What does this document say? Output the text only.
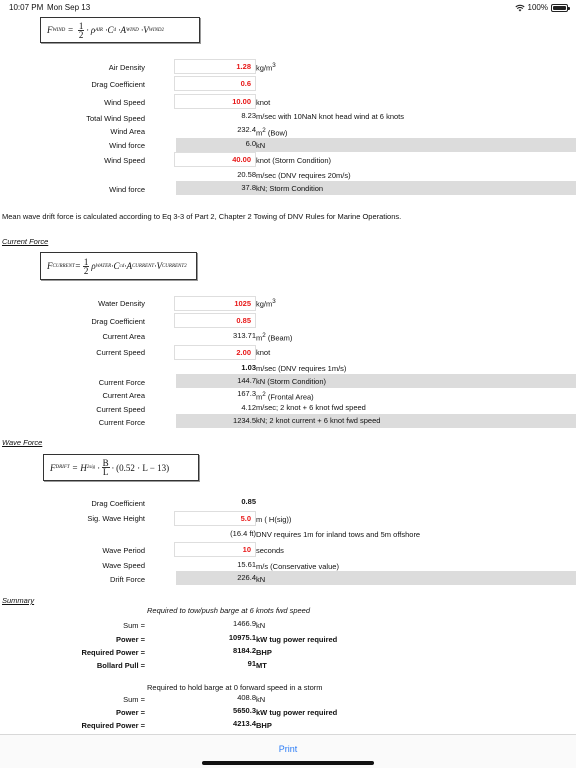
10:07 PM Mon Sep 13	100%
F WIND = $\frac{1}{2} \cdot \rho$ AIR · C d · A WIND · V WIND 2
Air Density	1.28 $kg/m^3$
Drag Coefficient	0.6
Wind Speed	10.00 knot
Total Wind Speed	8.23 m/sec with 10NaN knot head wind at 6 knots
Wind Area	232.4 $m^2$ (Bow)
Wind force	6.0 kN
Wind Speed	40.00 knot (Storm Condition)
20.58 m/sec (DNV requires 20m/s)
Wind force	37.8 kN; Storm Condition
Mean wave drift force is calculated according to Eq 3-3 of Part 2, Chapter 2 Towing of DNV Rules for Marine Operations.
Current Force
F CURRENT = $\frac{1}{2}$ ρ WATER · C cd · A CURRENT · V CURRENT 2
Water Density	1025 $kg/m^3$
Drag Coefficient	0.85
Current Area	313.71 $m^2$ (Beam)
Current Speed	2.00 knot
1.03 m/sec (DNV requires 1m/s)
Current Force	144.7 kN (Storm Condition)
Current Area	167.3 $m^2$ (Frontal Area)
Current Speed	4.12 m/sec; 2 knot + 6 knot fwd speed
Current Force	1234.5 kN; 2 knot current + 6 knot fwd speed
Wave Force
F DRIFT = H 2 sig · $\frac{B}{L} \cdot (0.52 \cdot L - 13)$
Drag Coefficient	0.85
Sig. Wave Height	5.0 m ( H(sig))
(16.4 ft) DNV requires 1m for inland tows and 5m offshore
Wave Period	10 seconds
Wave Speed	15.61 m/s (Conservative value)
Drift Force	226.4 kN
Summary
Required to tow/push barge at 6 knots fwd speed
Sum =	1466.9 kN
Power =	10975.1 kW tug power required
Required Power =	8184.2 BHP
Bollard Pull =	91 MT
Required to hold barge at 0 forward speed in a storm
Sum =	408.8 kN
Power =	5650.3 kW tug power required
Required Power =	4213.4 BHP
Print
